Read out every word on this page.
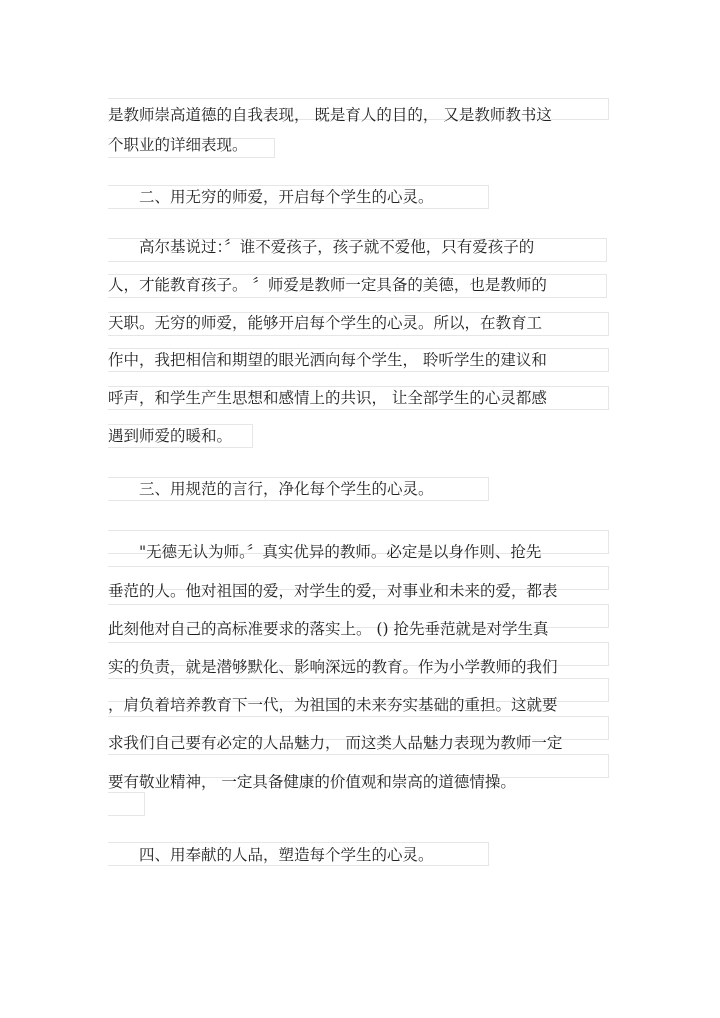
是教师崇高道德的自我表现， 既是育人的目的， 又是教师教书这
个职业的详细表现。
　　二、用无穷的师爱，开启每个学生的心灵。
　　高尔基说过：〞谁不爱孩子，孩子就不爱他，只有爱孩子的
人，才能教育孩子。 〞师爱是教师一定具备的美德，也是教师的
天职。无穷的师爱，能够开启每个学生的心灵。所以，在教育工
作中，我把相信和期望的眼光洒向每个学生， 聆听学生的建议和
呼声，和学生产生思想和感情上的共识， 让全部学生的心灵都感
遇到师爱的暖和。
　　三、用规范的言行，净化每个学生的心灵。
　　"无德无认为师。〞真实优异的教师。必定是以身作则、抢先
垂范的人。他对祖国的爱，对学生的爱，对事业和未来的爱，都表
此刻他对自己的高标准要求的落实上。 () 抢先垂范就是对学生真
实的负责，就是潜够默化、影响深远的教育。作为小学教师的我们
，肩负着培养教育下一代，为祖国的未来夯实基础的重担。这就要
求我们自己要有必定的人品魅力， 而这类人品魅力表现为教师一定
要有敬业精神， 一定具备健康的价值观和崇高的道德情操。
　　四、用奉献的人品，塑造每个学生的心灵。
